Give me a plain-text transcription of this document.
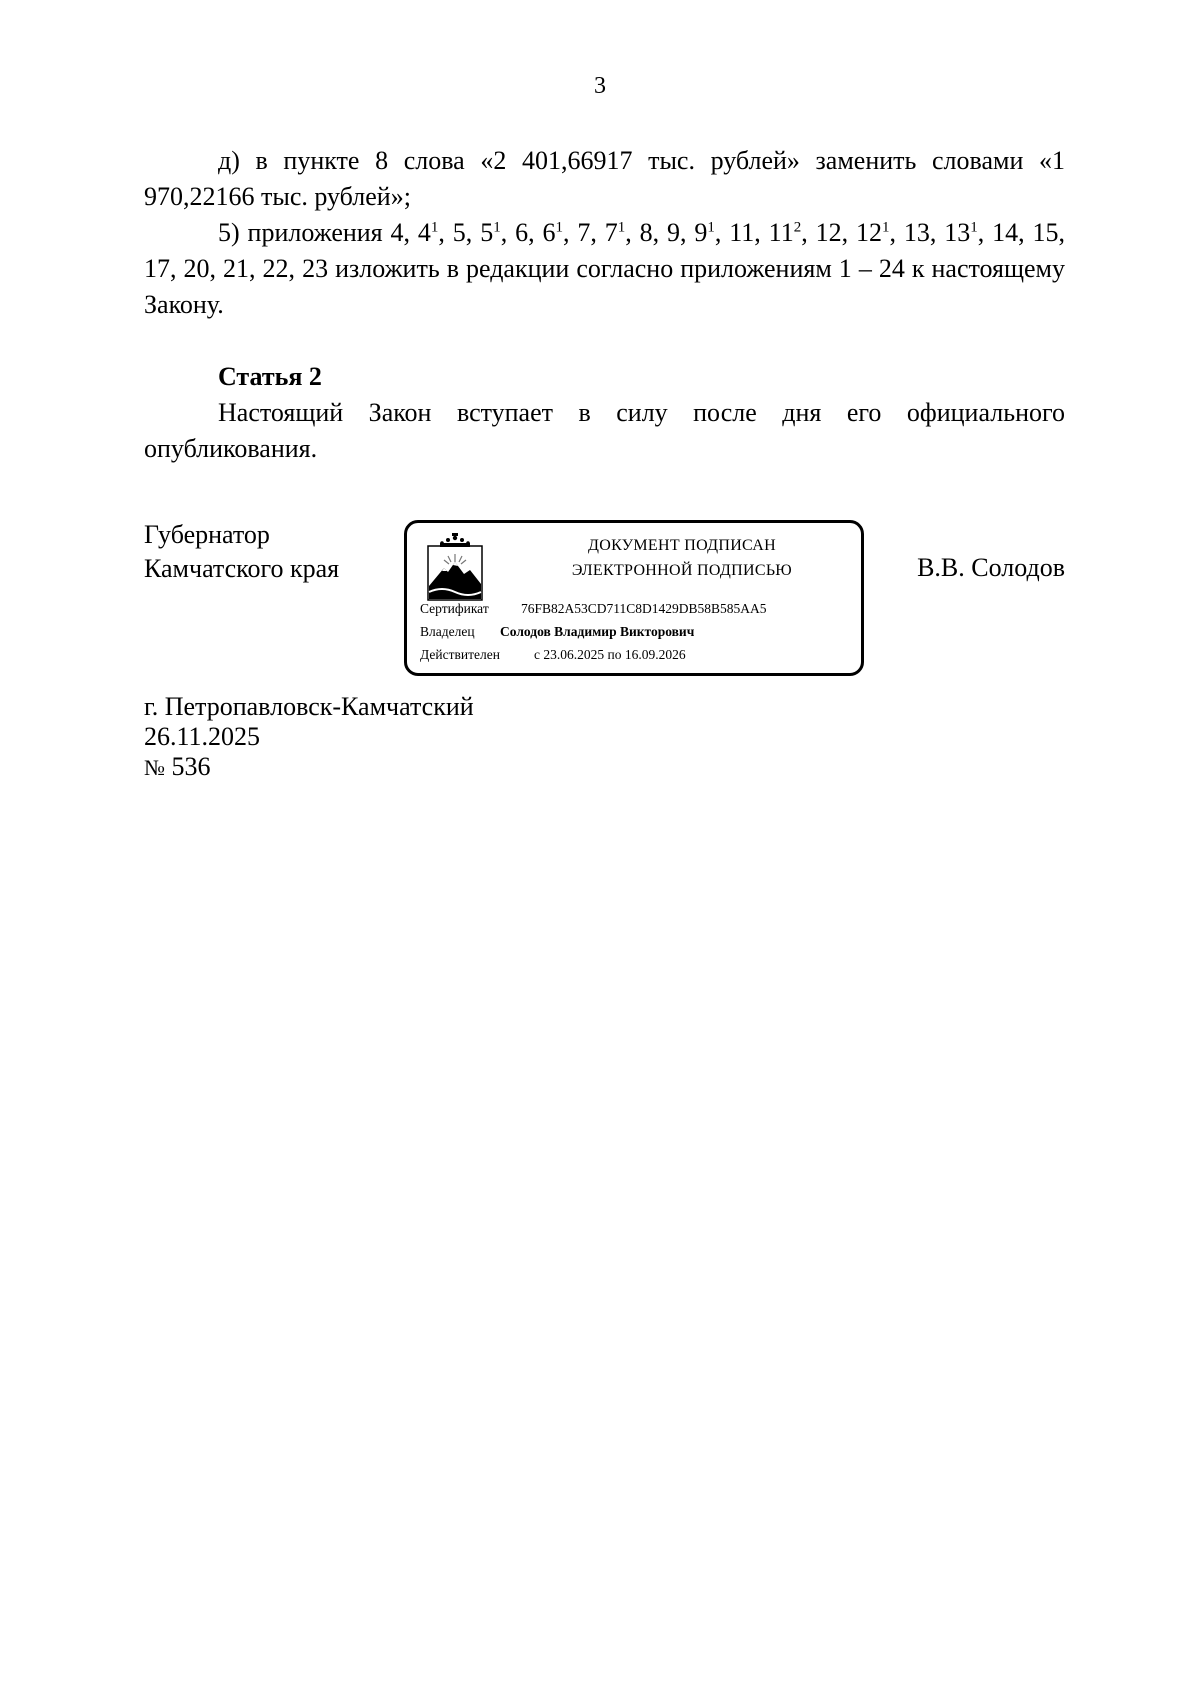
3

д) в пункте 8 слова «2 401,66917 тыс. рублей» заменить словами «1 970,22166 тыс. рублей»;

5) приложения 4, $4^1$, 5, $5^1$, 6, $6^1$, 7, $7^1$, 8, 9, $9^1$, 11, $11^2$, 12, $12^1$, 13, $13^1$, 14, 15, 17, 20, 21, 22, 23 изложить в редакции согласно приложениям 1 – 24 к настоящему Закону.

Статья 2

Настоящий Закон вступает в силу после дня его официального опубликования.

Губернатор
Камчатского края
ДОКУМЕНТ ПОДПИСАН
ЭЛЕКТРОННОЙ ПОДПИСЬЮ
Сертификат 76FB82A53CD711C8D1429DB58B585AA5
Владелец Солодов Владимир Викторович
Действителен	с 23.06.2025 по 16.09.2026
В.В. Солодов
г. Петропавловск-Камчатский
26.11.2025
№ 536
